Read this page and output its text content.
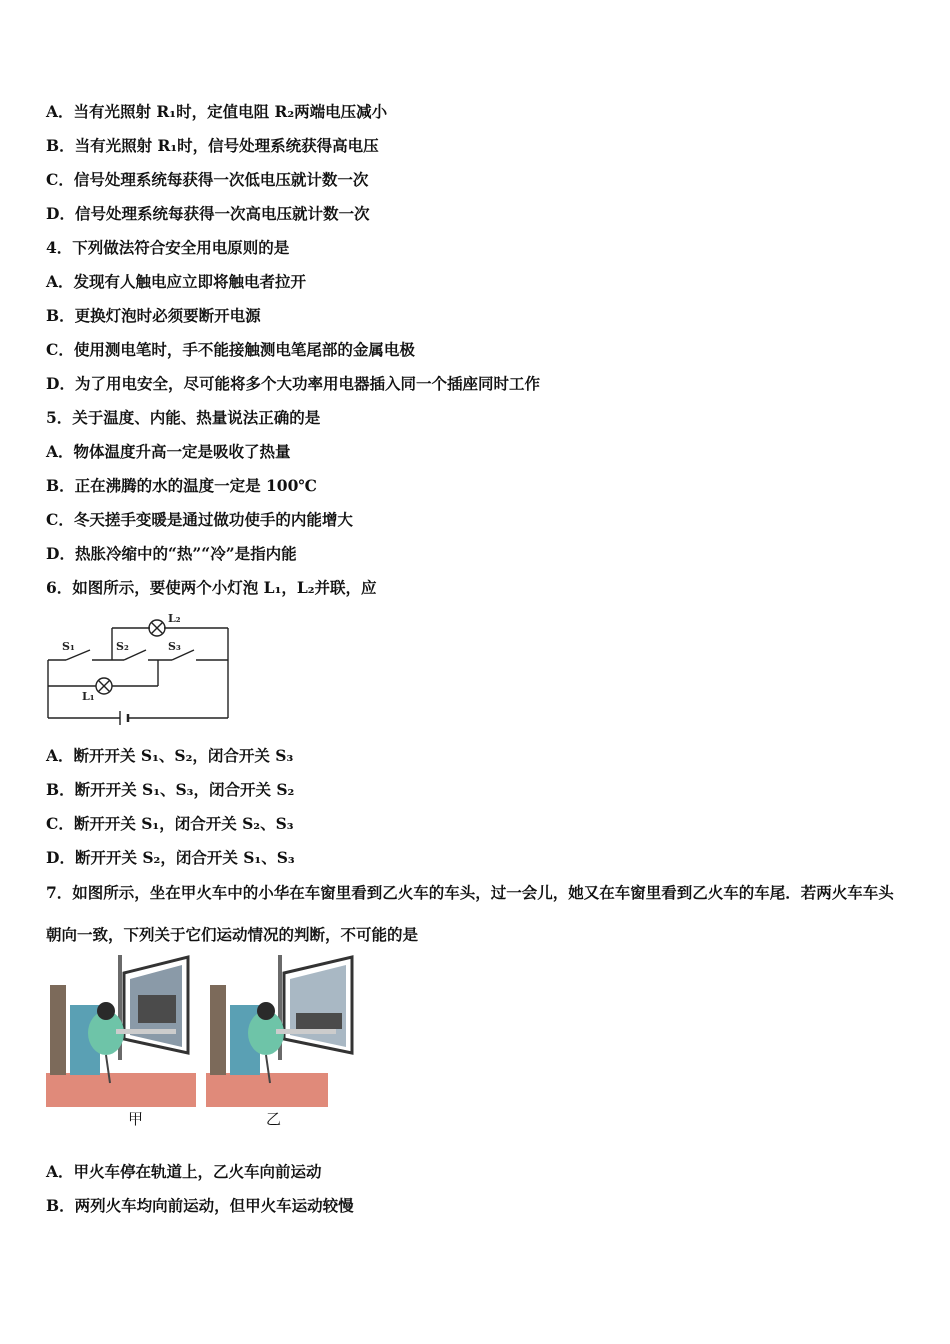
A．当有光照射 R₁时，定值电阻 R₂两端电压减小
B．当有光照射 R₁时，信号处理系统获得高电压
C．信号处理系统每获得一次低电压就计数一次
D．信号处理系统每获得一次高电压就计数一次
4．下列做法符合安全用电原则的是
A．发现有人触电应立即将触电者拉开
B．更换灯泡时必须要断开电源
C．使用测电笔时，手不能接触测电笔尾部的金属电极
D．为了用电安全，尽可能将多个大功率用电器插入同一个插座同时工作
5．关于温度、内能、热量说法正确的是
A．物体温度升高一定是吸收了热量
B．正在沸腾的水的温度一定是 100℃
C．冬天搓手变暖是通过做功使手的内能增大
D．热胀冷缩中的“热”“冷”是指内能
6．如图所示，要使两个小灯泡 L₁，L₂并联，应
A．断开开关 S₁、S₂，闭合开关 S₃
B．断开开关 S₁、S₃，闭合开关 S₂
C．断开开关 S₁，闭合开关 S₂、S₃
D．断开开关 S₂，闭合开关 S₁、S₃
7．如图所示，坐在甲火车中的小华在车窗里看到乙火车的车头，过一会儿，她又在车窗里看到乙火车的车尾．若两火车车头朝向一致，下列关于它们运动情况的判断，不可能的是
A．甲火车停在轨道上，乙火车向前运动
B．两列火车均向前运动，但甲火车运动较慢
S₁	S₂	S₃
L₁
L₂
甲	乙
